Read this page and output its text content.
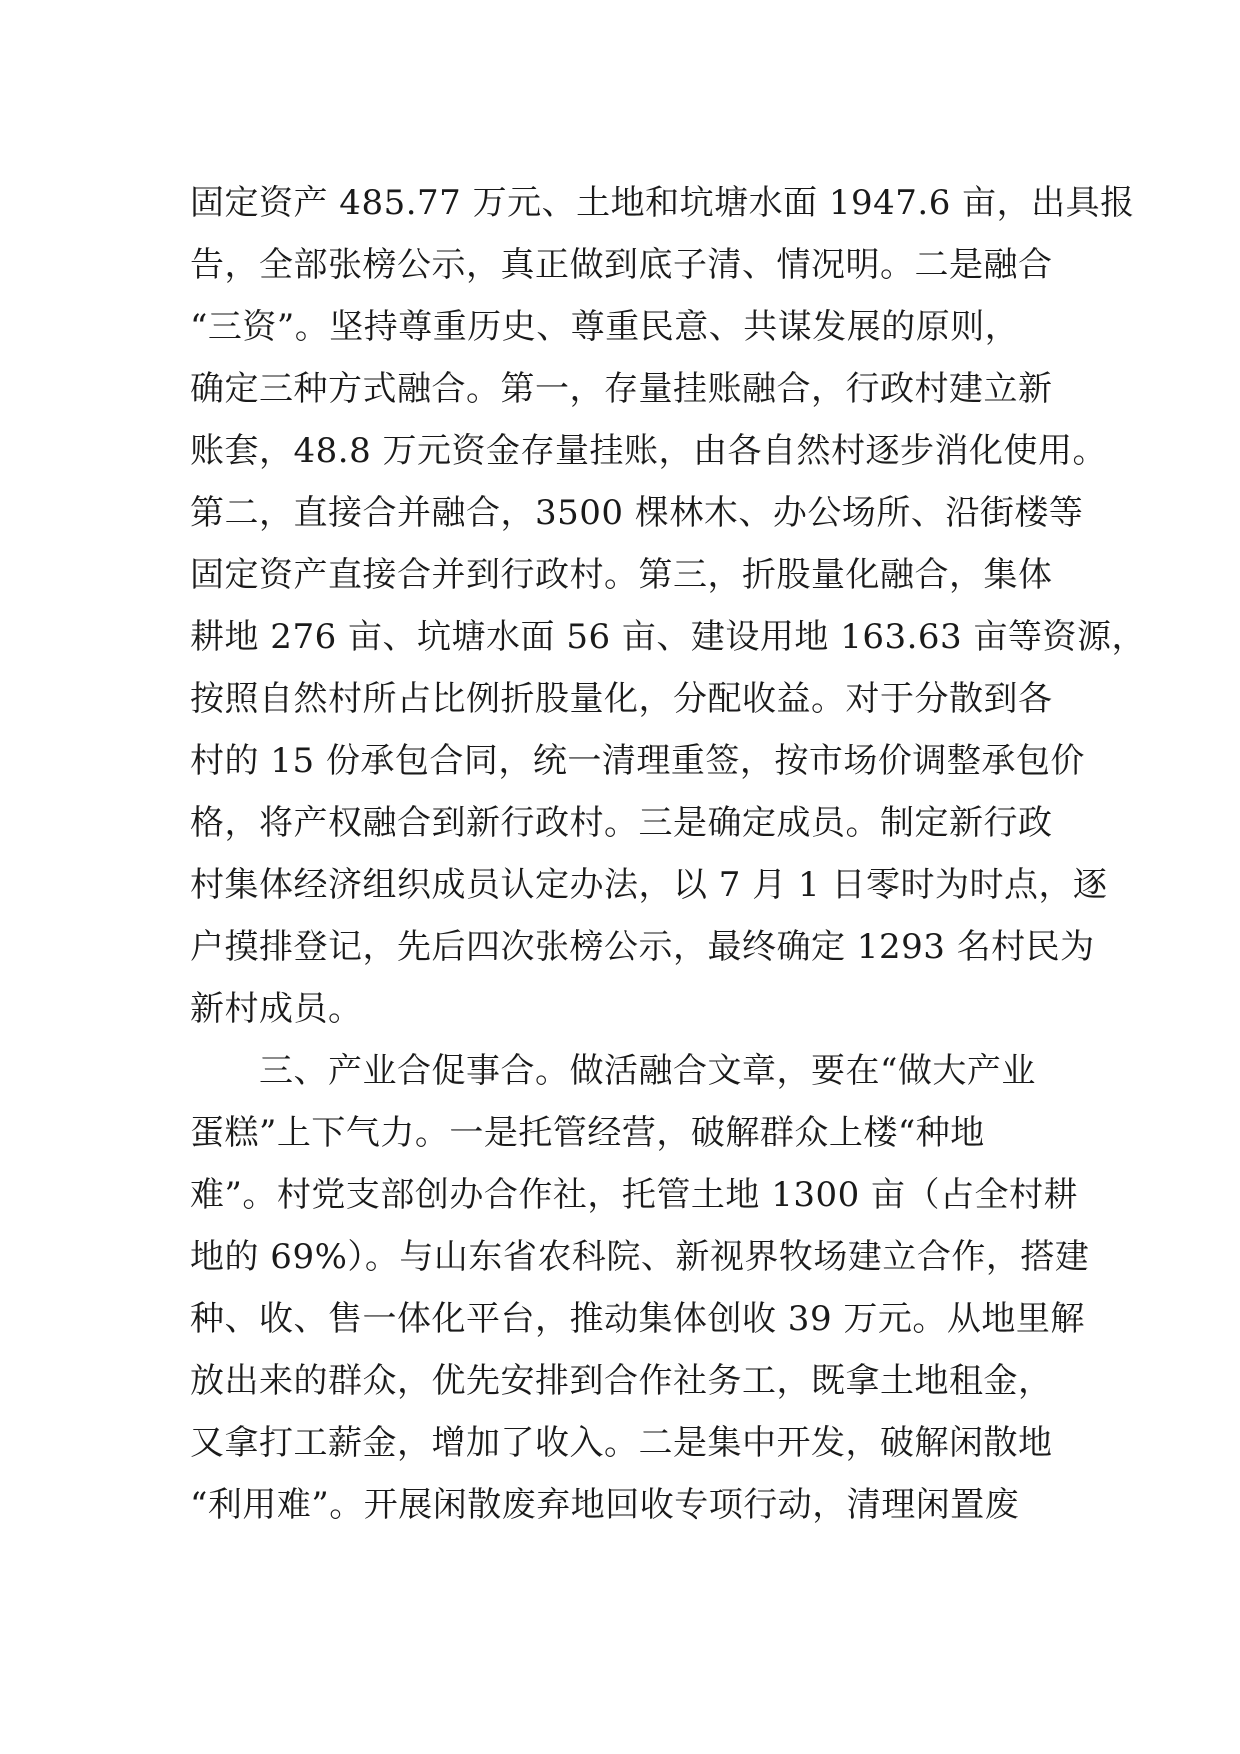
固定资产 485.77 万元、土地和坑塘水面 1947.6 亩，出具报
告，全部张榜公示，真正做到底子清、情况明。二是融合
“三资”。坚持尊重历史、尊重民意、共谋发展的原则，
确定三种方式融合。第一，存量挂账融合，行政村建立新
账套，48.8 万元资金存量挂账，由各自然村逐步消化使用。
第二，直接合并融合，3500 棵林木、办公场所、沿街楼等
固定资产直接合并到行政村。第三，折股量化融合，集体
耕地 276 亩、坑塘水面 56 亩、建设用地 163.63 亩等资源，
按照自然村所占比例折股量化，分配收益。对于分散到各
村的 15 份承包合同，统一清理重签，按市场价调整承包价
格，将产权融合到新行政村。三是确定成员。制定新行政
村集体经济组织成员认定办法，以 7 月 1 日零时为时点，逐
户摸排登记，先后四次张榜公示，最终确定 1293 名村民为
新村成员。
　　三、产业合促事合。做活融合文章，要在“做大产业
蛋糕”上下气力。一是托管经营，破解群众上楼“种地
难”。村党支部创办合作社，托管土地 1300 亩（占全村耕
地的 69%）。与山东省农科院、新视界牧场建立合作，搭建
种、收、售一体化平台，推动集体创收 39 万元。从地里解
放出来的群众，优先安排到合作社务工，既拿土地租金，
又拿打工薪金，增加了收入。二是集中开发，破解闲散地
“利用难”。开展闲散废弃地回收专项行动，清理闲置废
